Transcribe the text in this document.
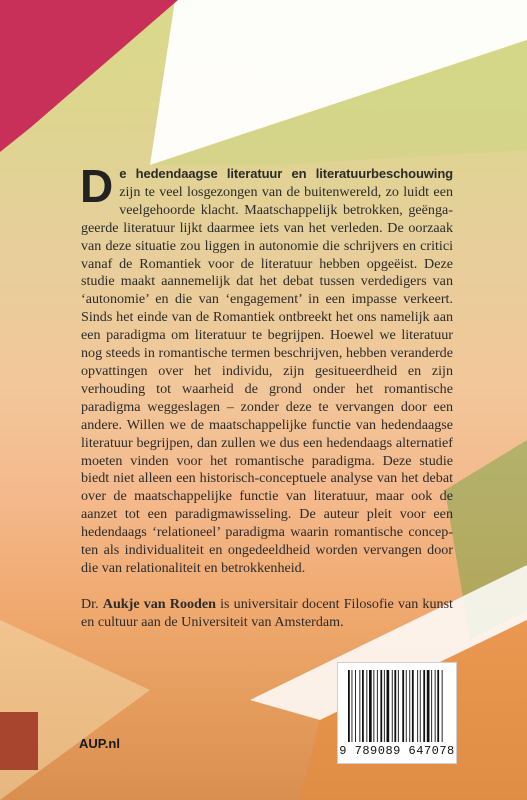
De hedendaagse literatuur en literatuurbeschouwing zijn te veel losgezongen van de buitenwereld, zo luidt een veelgehoorde klacht. Maatschappelijk betrokken, geëngageerde literatuur lijkt daarmee iets van het verleden. De oorzaak van deze situatie zou liggen in autonomie die schrijvers en critici vanaf de Romantiek voor de literatuur hebben opgeëist. Deze studie maakt aannemelijk dat het debat tussen verdedigers van ‘autonomie’ en die van ‘engagement’ in een impasse verkeert. Sinds het einde van de Romantiek ontbreekt het ons namelijk aan een paradigma om literatuur te begrijpen. Hoewel we literatuur nog steeds in romantische termen beschrijven, hebben veranderde opvattingen over het individu, zijn gesitueerdheid en zijn verhouding tot waarheid de grond onder het romantische paradigma weggeslagen – zonder deze te vervangen door een andere. Willen we de maatschappelijke functie van hedendaagse literatuur begrijpen, dan zullen we dus een hedendaags alternatief moeten vinden voor het romantische paradigma. Deze studie biedt niet alleen een historisch-conceptuele analyse van het debat over de maatschappelijke functie van literatuur, maar ook de aanzet tot een paradigmawisseling. De auteur pleit voor een hedendaags ‘relationeel’ paradigma waarin romantische concepten als individualiteit en ongedeeldheid worden vervangen door die van relationaliteit en betrokkenheid.

Dr. Aukje van Rooden is universitair docent Filosofie van kunst en cultuur aan de Universiteit van Amsterdam.

AUP.nl	9 789089 647078
